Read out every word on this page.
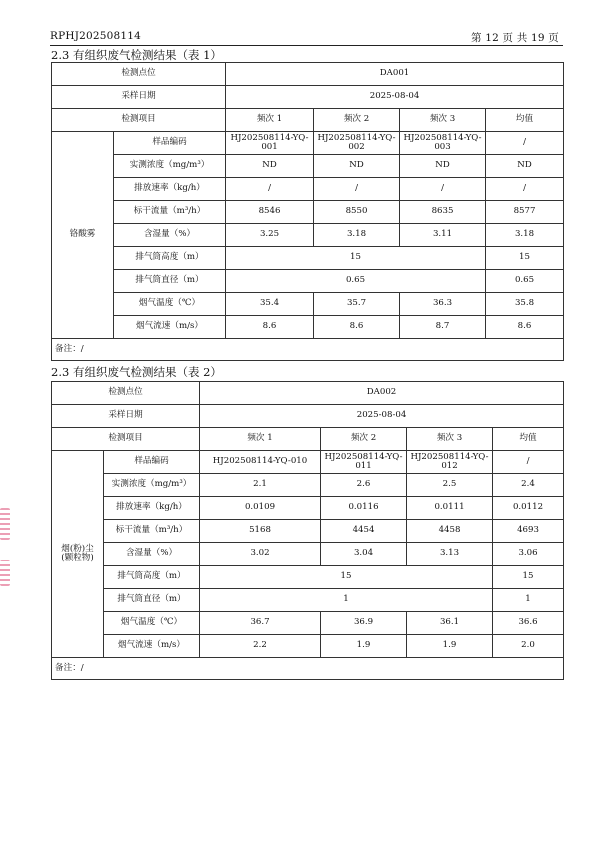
RPHJ202508114	第 12 页 共 19 页
2.3 有组织废气检测结果（表 1）
检测点位		DA001			
采样日期		2025-08-04			
检测项目		频次 1	频次 2	频次 3	均值
铬酸雾	样品编码	HJ202508114-YQ-001	HJ202508114-YQ-002	HJ202508114-YQ-003	/
	实测浓度（mg/m³）	ND	ND	ND	ND
	排放速率（kg/h）	/	/	/	/
	标干流量（m³/h）	8546	8550	8635	8577
	含湿量（%）	3.25	3.18	3.11	3.18
	排气筒高度（m）	15			15
	排气筒直径（m）	0.65			0.65
	烟气温度（℃）	35.4	35.7	36.3	35.8
	烟气流速（m/s）	8.6	8.6	8.7	8.6
备注：/					
2.3 有组织废气检测结果（表 2）
检测点位		DA002			
采样日期		2025-08-04			
检测项目		频次 1	频次 2	频次 3	均值
烟(粉)尘
(颗粒物)	样品编码	HJ202508114-YQ-010	HJ202508114-YQ-011	HJ202508114-YQ-012	/
	实测浓度（mg/m³）	2.1	2.6	2.5	2.4
	排放速率（kg/h）	0.0109	0.0116	0.0111	0.0112
	标干流量（m³/h）	5168	4454	4458	4693
	含湿量（%）	3.02	3.04	3.13	3.06
	排气筒高度（m）	15			15
	排气筒直径（m）	1			1
	烟气温度（℃）	36.7	36.9	36.1	36.6
	烟气流速（m/s）	2.2	1.9	1.9	2.0
备注：/					
